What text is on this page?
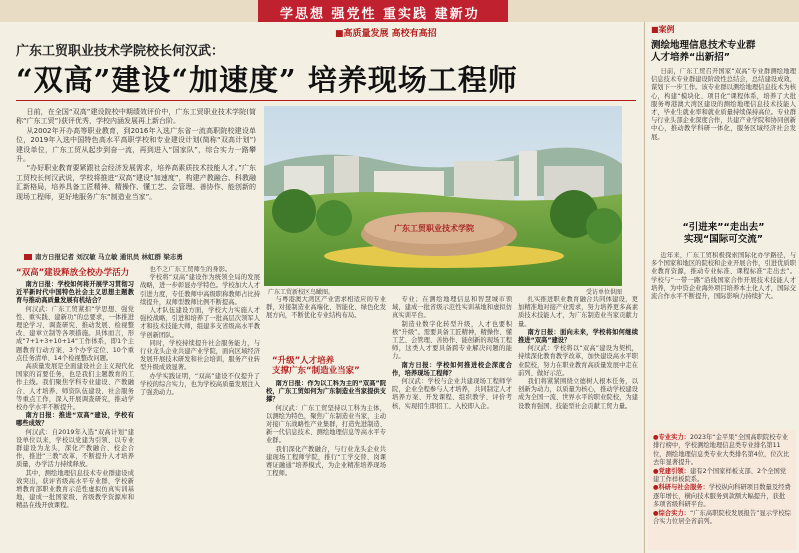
学思想 强党性 重实践 建新功
■高质量发展 高校有高招
广东工贸职业技术学院校长何汉武：
“双高”建设“加速度” 培养现场工程师

日前，在全国“双高”建设院校中期绩效评价中，广东工贸职业技术学院(简称“广东工贸”)获评优秀，学校内涵发展再上新台阶。

从2002年开办高等职业教育，到2016年入选广东省一流高职院校建设单位，2019年入选中国特色高水平高职学校和专业建设计划(简称“双高计划”)建设单位，广东工贸从起步到奋一流，再到进入“国家队”，综合实力一路攀升。

“办好职业教育要紧跟社会经济发展需求，培养高素质技术技能人才。”广东工贸校长何汉武说，学校将推进“双高”建设“加速度”，构建产教融合、科教融汇新格局，培养具备工匠精神、精操作、懂工艺、会管理、善协作、能创新的现场工程师，更好地服务广东“制造业当家”。

南方日报记者 刘汉敏 马立敏 通讯员 林虹群 梁志勇
广东工贸职业技术学院
广东工贸新校区鸟瞰图。	受访单位供图
“双高”建设释放全校办学活力

南方日报：学校如何将开展学习贯彻习近平新时代中国特色社会主义思想主题教育与推动高质量发展有机结合？

何汉武：广东工贸紧扣“学思想、强党性、重实践、建新功”的总要求，一体推进理论学习、调查研究、推动发展、检视整改、建章立制等各项措施。具体而言，形成“7+1+3+10+14”工作体系，即1个主题教育行动方案、3个办学定位、10个重点任务清单、14个检视整改问题。

高质量发展是全面建设社会主义现代化国家的首要任务，也是我们主题教育的工作主线。我们聚焦学科专业建设、产教融合、人才培养、师资队伍建设、社会服务等重点工作，深入开展调查研究，推动学校办学水平不断提升。

南方日报：推进“双高”建设，学校有哪些成效？

何汉武：自2019年入选“双高计划”建设单位以来，学校以党建为引领、以专业群建设为龙头，深化产教融合、校企合作，推进“三教”改革，不断提升人才培养质量，办学活力持续释放。

其中，测绘地理信息技术专业群建设成效突出，获评省级高水平专业群，学校新增教育部职业教育示范性虚拟仿真实训基地，建成一批国家级、省级教学资源库和精品在线开放课程。

也不乏广东工贸师生的身影。

学校将“双高”建设作为统领全局的发展战略，进一步彰显办学特色。学校加大人才引进力度，专任教师中高级职称教师占比持续提升，双师型教师比例不断提高。

人才队伍建设方面，学校大力实施人才强校战略，引进和培养了一批高层次领军人才和技术技能大师，组建多支省级高水平教学创新团队。

同时，学校持续提升社会服务能力，与行业龙头企业共建产业学院，面向区域经济发展开展技术研发和社会培训，服务产业转型升级成效显著。

办学实践证明，“双高”建设不仅提升了学校的综合实力，也为学校高质量发展注入了强劲动力。

与粤港澳大湾区产业需求相适应的专业群，对接制造业高端化、智能化、绿色化发展方向，不断优化专业结构布局。

“升级”人才培养
支撑广东“制造业当家”

南方日报：作为以工科为主的“双高”院校，广东工贸如何为广东制造业当家提供支撑？

何汉武：广东工贸坚持以工科为主体，以测绘为特色，聚焦广东制造业当家，主动对接广东战略性产业集群，打造先进制造、新一代信息技术、测绘地理信息等高水平专业群。

我们深化产教融合，与行业龙头企业共建现场工程师学院，推行“工学交替、岗课赛证融通”培养模式，为企业精准培养现场工程师。

专业；在测绘地理信息和智慧城市领域，建成一批省级示范性实训基地和虚拟仿真实训平台。

制造业数字化转型升级，人才也要积极“升级”。需要具备工匠精神，精操作、懂工艺、会管理、善协作、能创新的现场工程师，这类人才要具备跨专业解决问题的能力。

南方日报：学校如何推进校企深度合作，培养现场工程师？

何汉武：学校与企业共建现场工程师学院，企业全程参与人才培养，共同制定人才培养方案、开发课程、组织教学、评价考核，实现招生即招工、入校即入企。

扎实推进职业教育融合共同体建设，更加精准地对接产业需求，努力培养更多高素质技术技能人才，为广东制造业当家贡献力量。

南方日报：面向未来，学校将如何继续推进“双高”建设？

何汉武：学校将以“双高”建设为契机，持续深化教育教学改革，加快建设高水平职业院校，努力在职业教育高质量发展中走在前列、做好示范。

我们将紧紧围绕立德树人根本任务，以创新为动力，以质量为核心，推动学校建设成为全国一流、世界水平的职业院校，为建设教育强国、技能型社会贡献工贸力量。

■案例
测绘地理信息技术专业群
人才培养“出新招”

日前，广东工贸召开国家“双高”专业群测绘地理信息技术专业群建设阶段性总结会，总结建设成效，谋划下一步工作。该专业群以测绘地理信息技术为核心，构建“模块化、项目化”课程体系，培养了大批服务粤港澳大湾区建设的测绘地理信息技术技能人才，毕业生就业率和就业质量持续保持高位。专业群与行业头部企业深度合作，共建产业学院和协同创新中心，推动教学科研一体化，服务区域经济社会发展。

“引进来”“走出去”
实现“国际可交流”

近年来，广东工贸积极探索国际化办学路径，与多个国家和地区的院校和企业开展合作，引进优质职业教育资源，推动专业标准、课程标准“走出去”。学校与“一带一路”沿线国家合作开展技术技能人才培养，为中资企业海外项目培养本土化人才，国际交流合作水平不断提升，国际影响力持续扩大。

●专业实力：2023年“金平果”全国高职院校专业排行榜中，学校测绘地理信息类专业排名第11位，测绘地理信息类专业大类排名第4位，位次比去年显著提升。
●党建引领：建有2个国家样板支部、2个全国党建工作样板院系。
●科研与社会服务：学校纵向科研项目数量及经费逐年增长，横向技术服务到款额大幅提升，获批多项省级科研平台。
●综合实力：“广东高职院校发展报告”显示学校综合实力位居全省前列。
